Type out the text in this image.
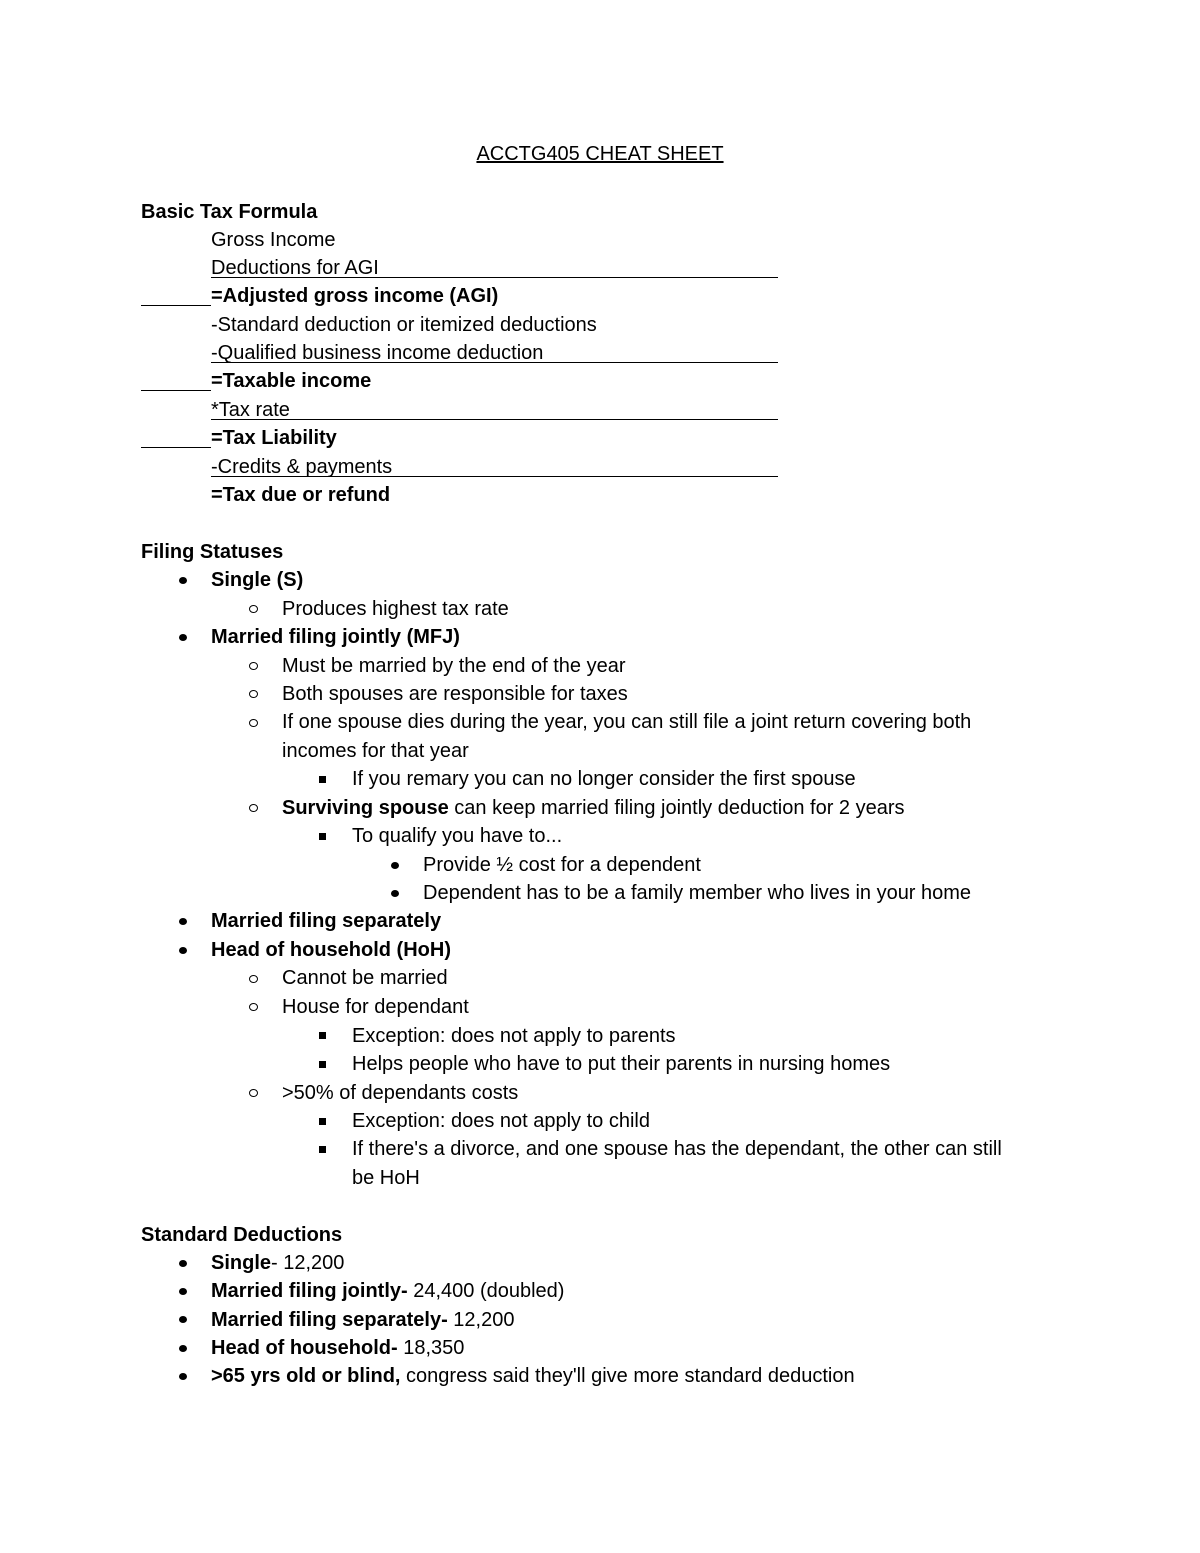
ACCTG405 CHEAT SHEET
Basic Tax Formula
Gross Income
Deductions for AGI
=Adjusted gross income (AGI)
-Standard deduction or itemized deductions
-Qualified business income deduction
=Taxable income
*Tax rate
=Tax Liability
-Credits & payments
=Tax due or refund
Filing Statuses
Single (S)
Produces highest tax rate
Married filing jointly (MFJ)
Must be married by the end of the year
Both spouses are responsible for taxes
If one spouse dies during the year, you can still file a joint return covering both
incomes for that year
If you remary you can no longer consider the first spouse
Surviving spouse can keep married filing jointly deduction for 2 years
To qualify you have to...
Provide ½ cost for a dependent
Dependent has to be a family member who lives in your home
Married filing separately
Head of household (HoH)
Cannot be married
House for dependant
Exception: does not apply to parents
Helps people who have to put their parents in nursing homes
>50% of dependants costs
Exception: does not apply to child
If there's a divorce, and one spouse has the dependant, the other can still
be HoH
Standard Deductions
Single- 12,200
Married filing jointly- 24,400 (doubled)
Married filing separately- 12,200
Head of household- 18,350
>65 yrs old or blind, congress said they'll give more standard deduction
